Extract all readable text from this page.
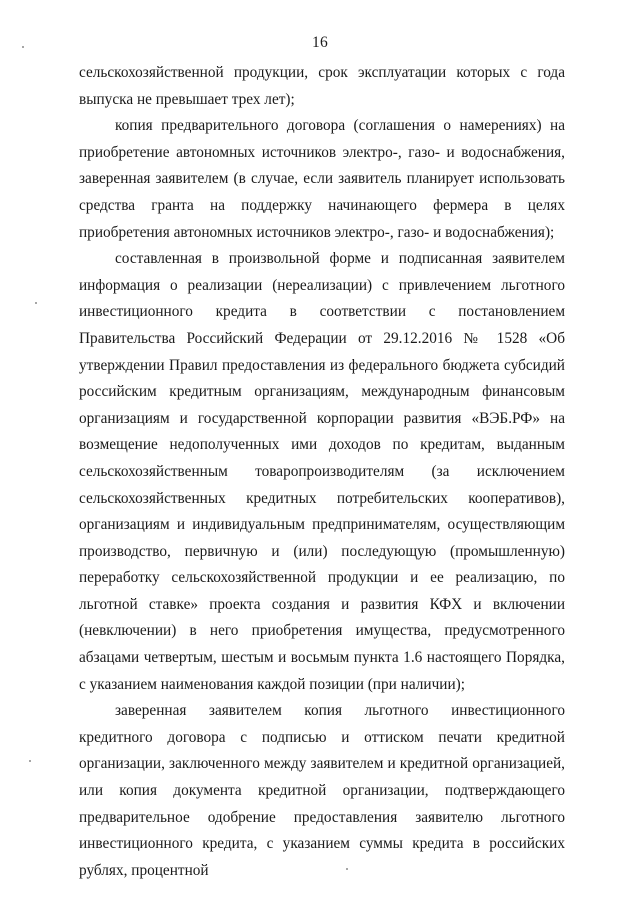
16

сельскохозяйственной продукции, срок эксплуатации которых с года выпуска не превышает трех лет);

копия предварительного договора (соглашения о намерениях) на приобретение автономных источников электро-, газо- и водоснабжения, заверенная заявителем (в случае, если заявитель планирует использовать средства гранта на поддержку начинающего фермера в целях приобретения автономных источников электро-, газо- и водоснабжения);

составленная в произвольной форме и подписанная заявителем информация о реализации (нереализации) с привлечением льготного инвестиционного кредита в соответствии с постановлением Правительства Российский Федерации от 29.12.2016 № 1528 «Об утверждении Правил предоставления из федерального бюджета субсидий российским кредитным организациям, международным финансовым организациям и государственной корпорации развития «ВЭБ.РФ» на возмещение недополученных ими доходов по кредитам, выданным сельскохозяйственным товаропроизводителям (за исключением сельскохозяйственных кредитных потребительских кооперативов), организациям и индивидуальным предпринимателям, осуществляющим производство, первичную и (или) последующую (промышленную) переработку сельскохозяйственной продукции и ее реализацию, по льготной ставке» проекта создания и развития КФХ и включении (невключении) в него приобретения имущества, предусмотренного абзацами четвертым, шестым и восьмым пункта 1.6 настоящего Порядка, с указанием наименования каждой позиции (при наличии);

заверенная заявителем копия льготного инвестиционного кредитного договора с подписью и оттиском печати кредитной организации, заключенного между заявителем и кредитной организацией, или копия документа кредитной организации, подтверждающего предварительное одобрение предоставления заявителю льготного инвестиционного кредита, с указанием суммы кредита в российских рублях, процентной
